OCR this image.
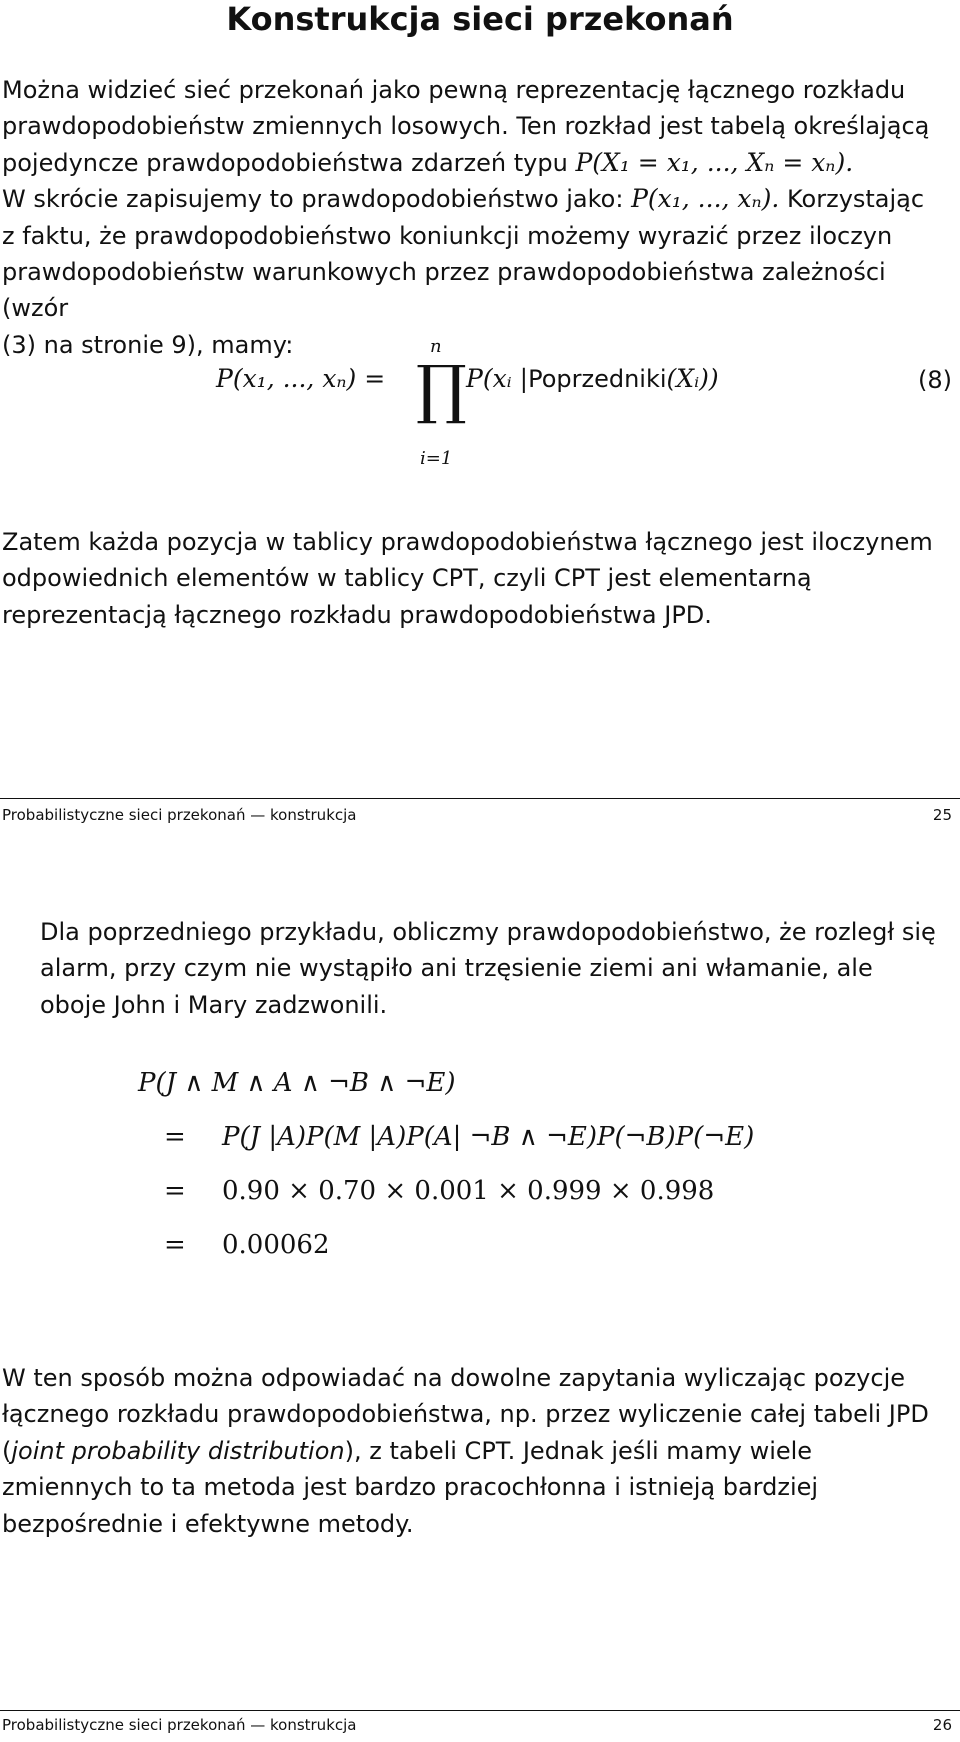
Konstrukcja sieci przekonań
Można widzieć sieć przekonań jako pewną reprezentację łącznego rozkładu
prawdopodobieństw zmiennych losowych. Ten rozkład jest tabelą określającą
pojedyncze prawdopodobieństwa zdarzeń typu P(X₁ = x₁, ..., Xₙ = xₙ).
W skrócie zapisujemy to prawdopodobieństwo jako: P(x₁, ..., xₙ). Korzystając
z faktu, że prawdopodobieństwo koniunkcji możemy wyrazić przez iloczyn
prawdopodobieństw warunkowych przez prawdopodobieństwa zależności (wzór
(3) na stronie 9), mamy:
P(x₁, ..., xₙ) =
n
∏
i=1
P(xᵢ |Poprzedniki(Xᵢ))	(8)
Zatem każda pozycja w tablicy prawdopodobieństwa łącznego jest iloczynem
odpowiednich elementów w tablicy CPT, czyli CPT jest elementarną
reprezentacją łącznego rozkładu prawdopodobieństwa JPD.
Probabilistyczne sieci przekonań — konstrukcja	25
Dla poprzedniego przykładu, obliczmy prawdopodobieństwo, że rozległ się
alarm, przy czym nie wystąpiło ani trzęsienie ziemi ani włamanie, ale
oboje John i Mary zadzwonili.
P(J ∧ M ∧ A ∧ ¬B ∧ ¬E)
= P(J |A)P(M |A)P(A| ¬B ∧ ¬E)P(¬B)P(¬E)
= 0.90 × 0.70 × 0.001 × 0.999 × 0.998
= 0.00062
W ten sposób można odpowiadać na dowolne zapytania wyliczając pozycje
łącznego rozkładu prawdopodobieństwa, np. przez wyliczenie całej tabeli JPD
(joint probability distribution), z tabeli CPT. Jednak jeśli mamy wiele
zmiennych to ta metoda jest bardzo pracochłonna i istnieją bardziej
bezpośrednie i efektywne metody.
Probabilistyczne sieci przekonań — konstrukcja	26
